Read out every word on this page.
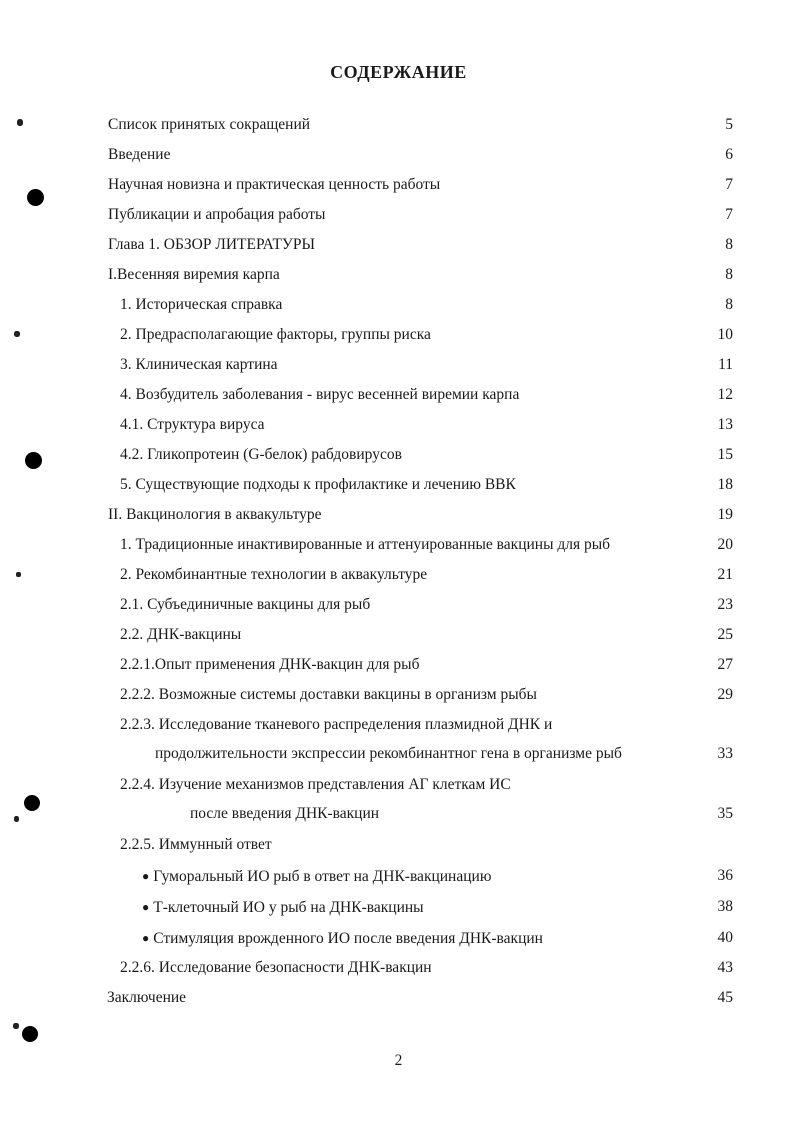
СОДЕРЖАНИЕ
Список принятых сокращений	5
Введение	6
Научная новизна и практическая ценность работы	7
Публикации и апробация работы	7
Глава 1. ОБЗОР ЛИТЕРАТУРЫ	8
I.Весенняя виремия карпа	8
1. Историческая справка	8
2. Предрасполагающие факторы, группы риска	10
3. Клиническая картина	11
4. Возбудитель заболевания - вирус весенней виремии карпа	12
4.1. Структура вируса	13
4.2. Гликопротеин (G-белок) рабдовирусов	15
5. Существующие подходы к профилактике и лечению ВВК	18
II. Вакцинология в аквакультуре	19
1. Традиционные инактивированные и аттенуированные вакцины для рыб	20
2. Рекомбинантные технологии в аквакультуре	21
2.1. Субъединичные вакцины для рыб	23
2.2. ДНК-вакцины	25
2.2.1.Опыт применения ДНК-вакцин для рыб	27
2.2.2. Возможные системы доставки вакцины в организм рыбы	29
2.2.3. Исследование тканевого распределения плазмидной ДНК и
продолжительности экспрессии рекомбинантног гена в организме рыб	33
2.2.4. Изучение механизмов представления АГ клеткам ИС
после введения ДНК-вакцин	35
2.2.5. Иммунный ответ
● Гуморальный ИО рыб в ответ на ДНК-вакцинацию	36
● Т-клеточный ИО у рыб на ДНК-вакцины	38
● Стимуляция врожденного ИО после введения ДНК-вакцин	40
2.2.6. Исследование безопасности ДНК-вакцин	43
Заключение	45
2
